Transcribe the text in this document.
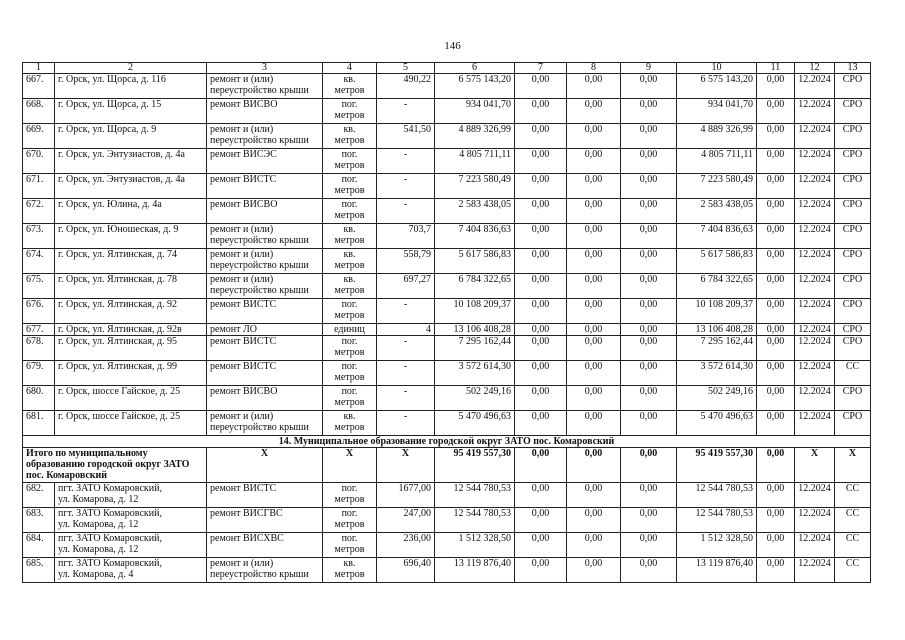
146
1	2	3	4	5	6	7	8	9	10	11	12	13
667.	г. Орск, ул. Щорса, д. 116	ремонт и (или)
переустройство крыши	кв.
метров	490,22	6 575 143,20	0,00	0,00	0,00	6 575 143,20	0,00	12.2024	СРО
668.	г. Орск, ул. Щорса, д. 15	ремонт ВИСВО	пог.
метров	-	934 041,70	0,00	0,00	0,00	934 041,70	0,00	12.2024	СРО
669.	г. Орск, ул. Щорса, д. 9	ремонт и (или)
переустройство крыши	кв.
метров	541,50	4 889 326,99	0,00	0,00	0,00	4 889 326,99	0,00	12.2024	СРО
670.	г. Орск, ул. Энтузиастов, д. 4а	ремонт ВИСЭС	пог.
метров	-	4 805 711,11	0,00	0,00	0,00	4 805 711,11	0,00	12.2024	СРО
671.	г. Орск, ул. Энтузиастов, д. 4а	ремонт ВИСТС	пог.
метров	-	7 223 580,49	0,00	0,00	0,00	7 223 580,49	0,00	12.2024	СРО
672.	г. Орск, ул. Юлина, д. 4а	ремонт ВИСВО	пог.
метров	-	2 583 438,05	0,00	0,00	0,00	2 583 438,05	0,00	12.2024	СРО
673.	г. Орск, ул. Юношеская, д. 9	ремонт и (или)
переустройство крыши	кв.
метров	703,7	7 404 836,63	0,00	0,00	0,00	7 404 836,63	0,00	12.2024	СРО
674.	г. Орск, ул. Ялтинская, д. 74	ремонт и (или)
переустройство крыши	кв.
метров	558,79	5 617 586,83	0,00	0,00	0,00	5 617 586,83	0,00	12.2024	СРО
675.	г. Орск, ул. Ялтинская, д. 78	ремонт и (или)
переустройство крыши	кв.
метров	697,27	6 784 322,65	0,00	0,00	0,00	6 784 322,65	0,00	12.2024	СРО
676.	г. Орск, ул. Ялтинская, д. 92	ремонт ВИСТС	пог.
метров	-	10 108 209,37	0,00	0,00	0,00	10 108 209,37	0,00	12.2024	СРО
677.	г. Орск, ул. Ялтинская, д. 92в	ремонт ЛО	единиц	4	13 106 408,28	0,00	0,00	0,00	13 106 408,28	0,00	12.2024	СРО
678.	г. Орск, ул. Ялтинская, д. 95	ремонт ВИСТС	пог.
метров	-	7 295 162,44	0,00	0,00	0,00	7 295 162,44	0,00	12.2024	СРО
679.	г. Орск, ул. Ялтинская, д. 99	ремонт ВИСТС	пог.
метров	-	3 572 614,30	0,00	0,00	0,00	3 572 614,30	0,00	12.2024	СС
680.	г. Орск, шоссе Гайское, д. 25	ремонт ВИСВО	пог.
метров	-	502 249,16	0,00	0,00	0,00	502 249,16	0,00	12.2024	СРО
681.	г. Орск, шоссе Гайское, д. 25	ремонт и (или)
переустройство крыши	кв.
метров	-	5 470 496,63	0,00	0,00	0,00	5 470 496,63	0,00	12.2024	СРО
14. Муниципальное образование городской округ ЗАТО пос. Комаровский												
Итого по муниципальному образованию городской округ ЗАТО пос. Комаровский		X	X	X	95 419 557,30	0,00	0,00	0,00	95 419 557,30	0,00	X	X
682.	пгт. ЗАТО Комаровский,
ул. Комарова, д. 12	ремонт ВИСТС	пог.
метров	1677,00	12 544 780,53	0,00	0,00	0,00	12 544 780,53	0,00	12.2024	СС
683.	пгт. ЗАТО Комаровский,
ул. Комарова, д. 12	ремонт ВИСГВС	пог.
метров	247,00	12 544 780,53	0,00	0,00	0,00	12 544 780,53	0,00	12.2024	СС
684.	пгт. ЗАТО Комаровский,
ул. Комарова, д. 12	ремонт ВИСХВС	пог.
метров	236,00	1 512 328,50	0,00	0,00	0,00	1 512 328,50	0,00	12.2024	СС
685.	пгт. ЗАТО Комаровский,
ул. Комарова, д. 4	ремонт и (или)
переустройство крыши	кв.
метров	696,40	13 119 876,40	0,00	0,00	0,00	13 119 876,40	0,00	12.2024	СС
